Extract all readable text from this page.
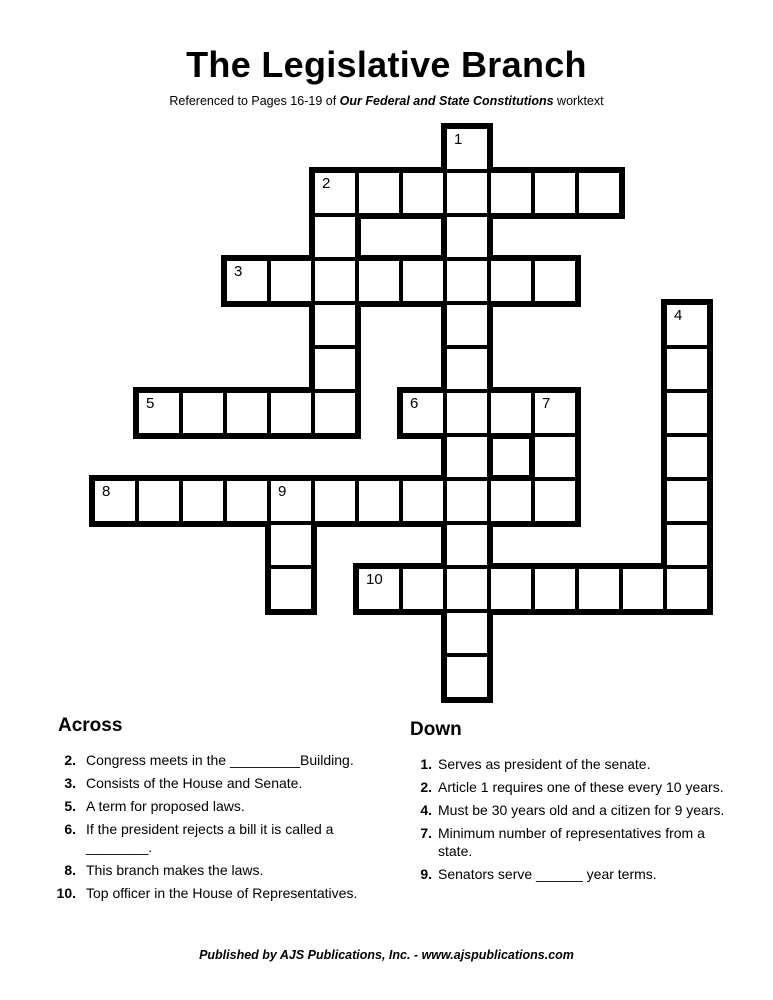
The Legislative Branch
Referenced to Pages 16-19 of Our Federal and State Constitutions worktext
2
3
5	6	7
8	9
10
1
4
Across
2. Congress meets in the _________Building.
3. Consists of the House and Senate.
5. A term for proposed laws.
6. If the president rejects a bill it is called a ________.
8. This branch makes the laws.
10. Top officer in the House of Representatives.
Down
1. Serves as president of the senate.
2. Article 1 requires one of these every 10 years.
4. Must be 30 years old and a citizen for 9 years.
7. Minimum number of representatives from a state.
9. Senators serve ______ year terms.
Published by AJS Publications, Inc. - www.ajspublications.com
